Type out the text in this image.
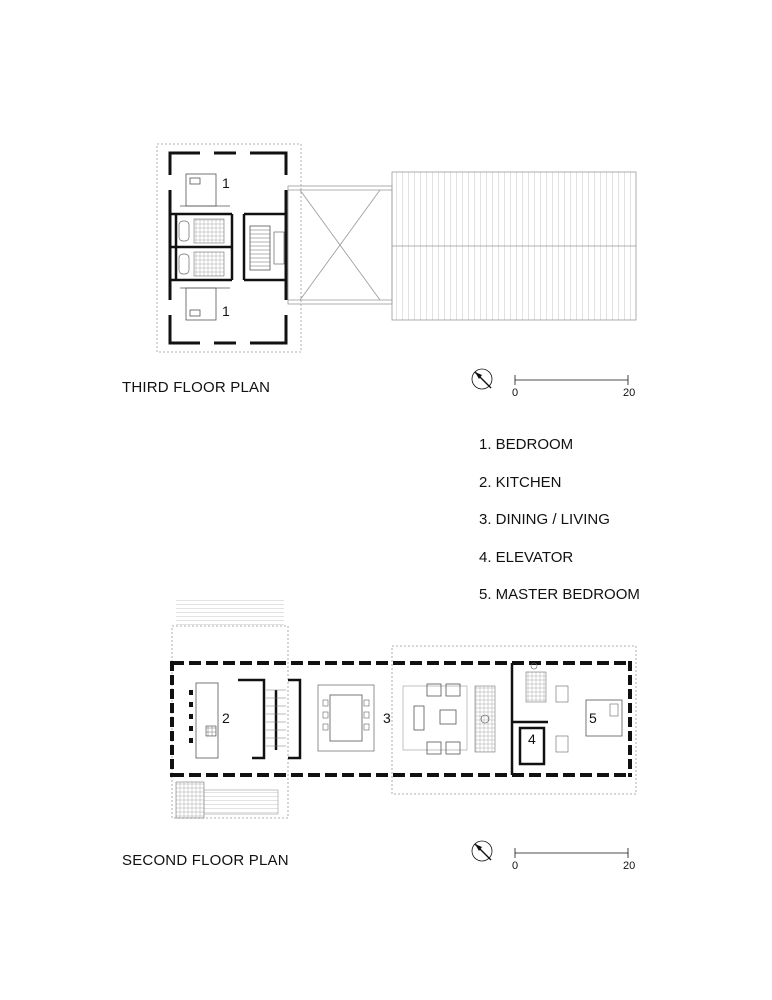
1
1
0	20
2	3
4
5
0	20
THIRD FLOOR PLAN
SECOND FLOOR PLAN
1. BEDROOM
2. KITCHEN
3. DINING / LIVING
4. ELEVATOR
5. MASTER BEDROOM
